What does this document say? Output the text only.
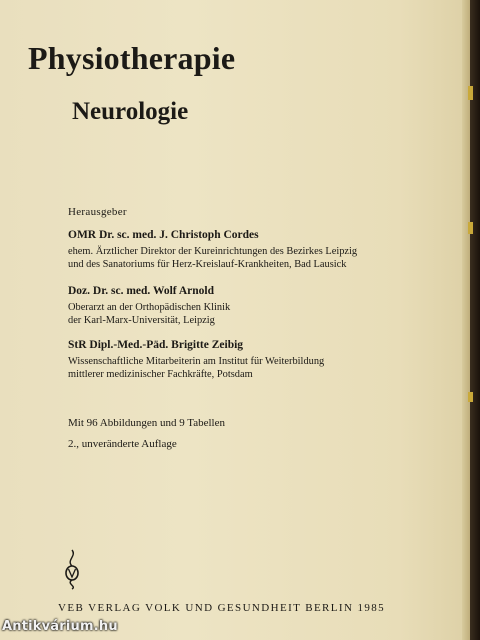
Physiotherapie
Neurologie
Herausgeber
OMR Dr. sc. med. J. Christoph Cordes
ehem. Ärztlicher Direktor der Kureinrichtungen des Bezirkes Leipzig
und des Sanatoriums für Herz-Kreislauf-Krankheiten, Bad Lausick
Doz. Dr. sc. med. Wolf Arnold
Oberarzt an der Orthopädischen Klinik
der Karl-Marx-Universität, Leipzig
StR Dipl.-Med.-Päd. Brigitte Zeibig
Wissenschaftliche Mitarbeiterin am Institut für Weiterbildung
mittlerer medizinischer Fachkräfte, Potsdam
Mit 96 Abbildungen und 9 Tabellen
2., unveränderte Auflage

VEB VERLAG VOLK UND GESUNDHEIT BERLIN 1985

Antikvárium.hu
